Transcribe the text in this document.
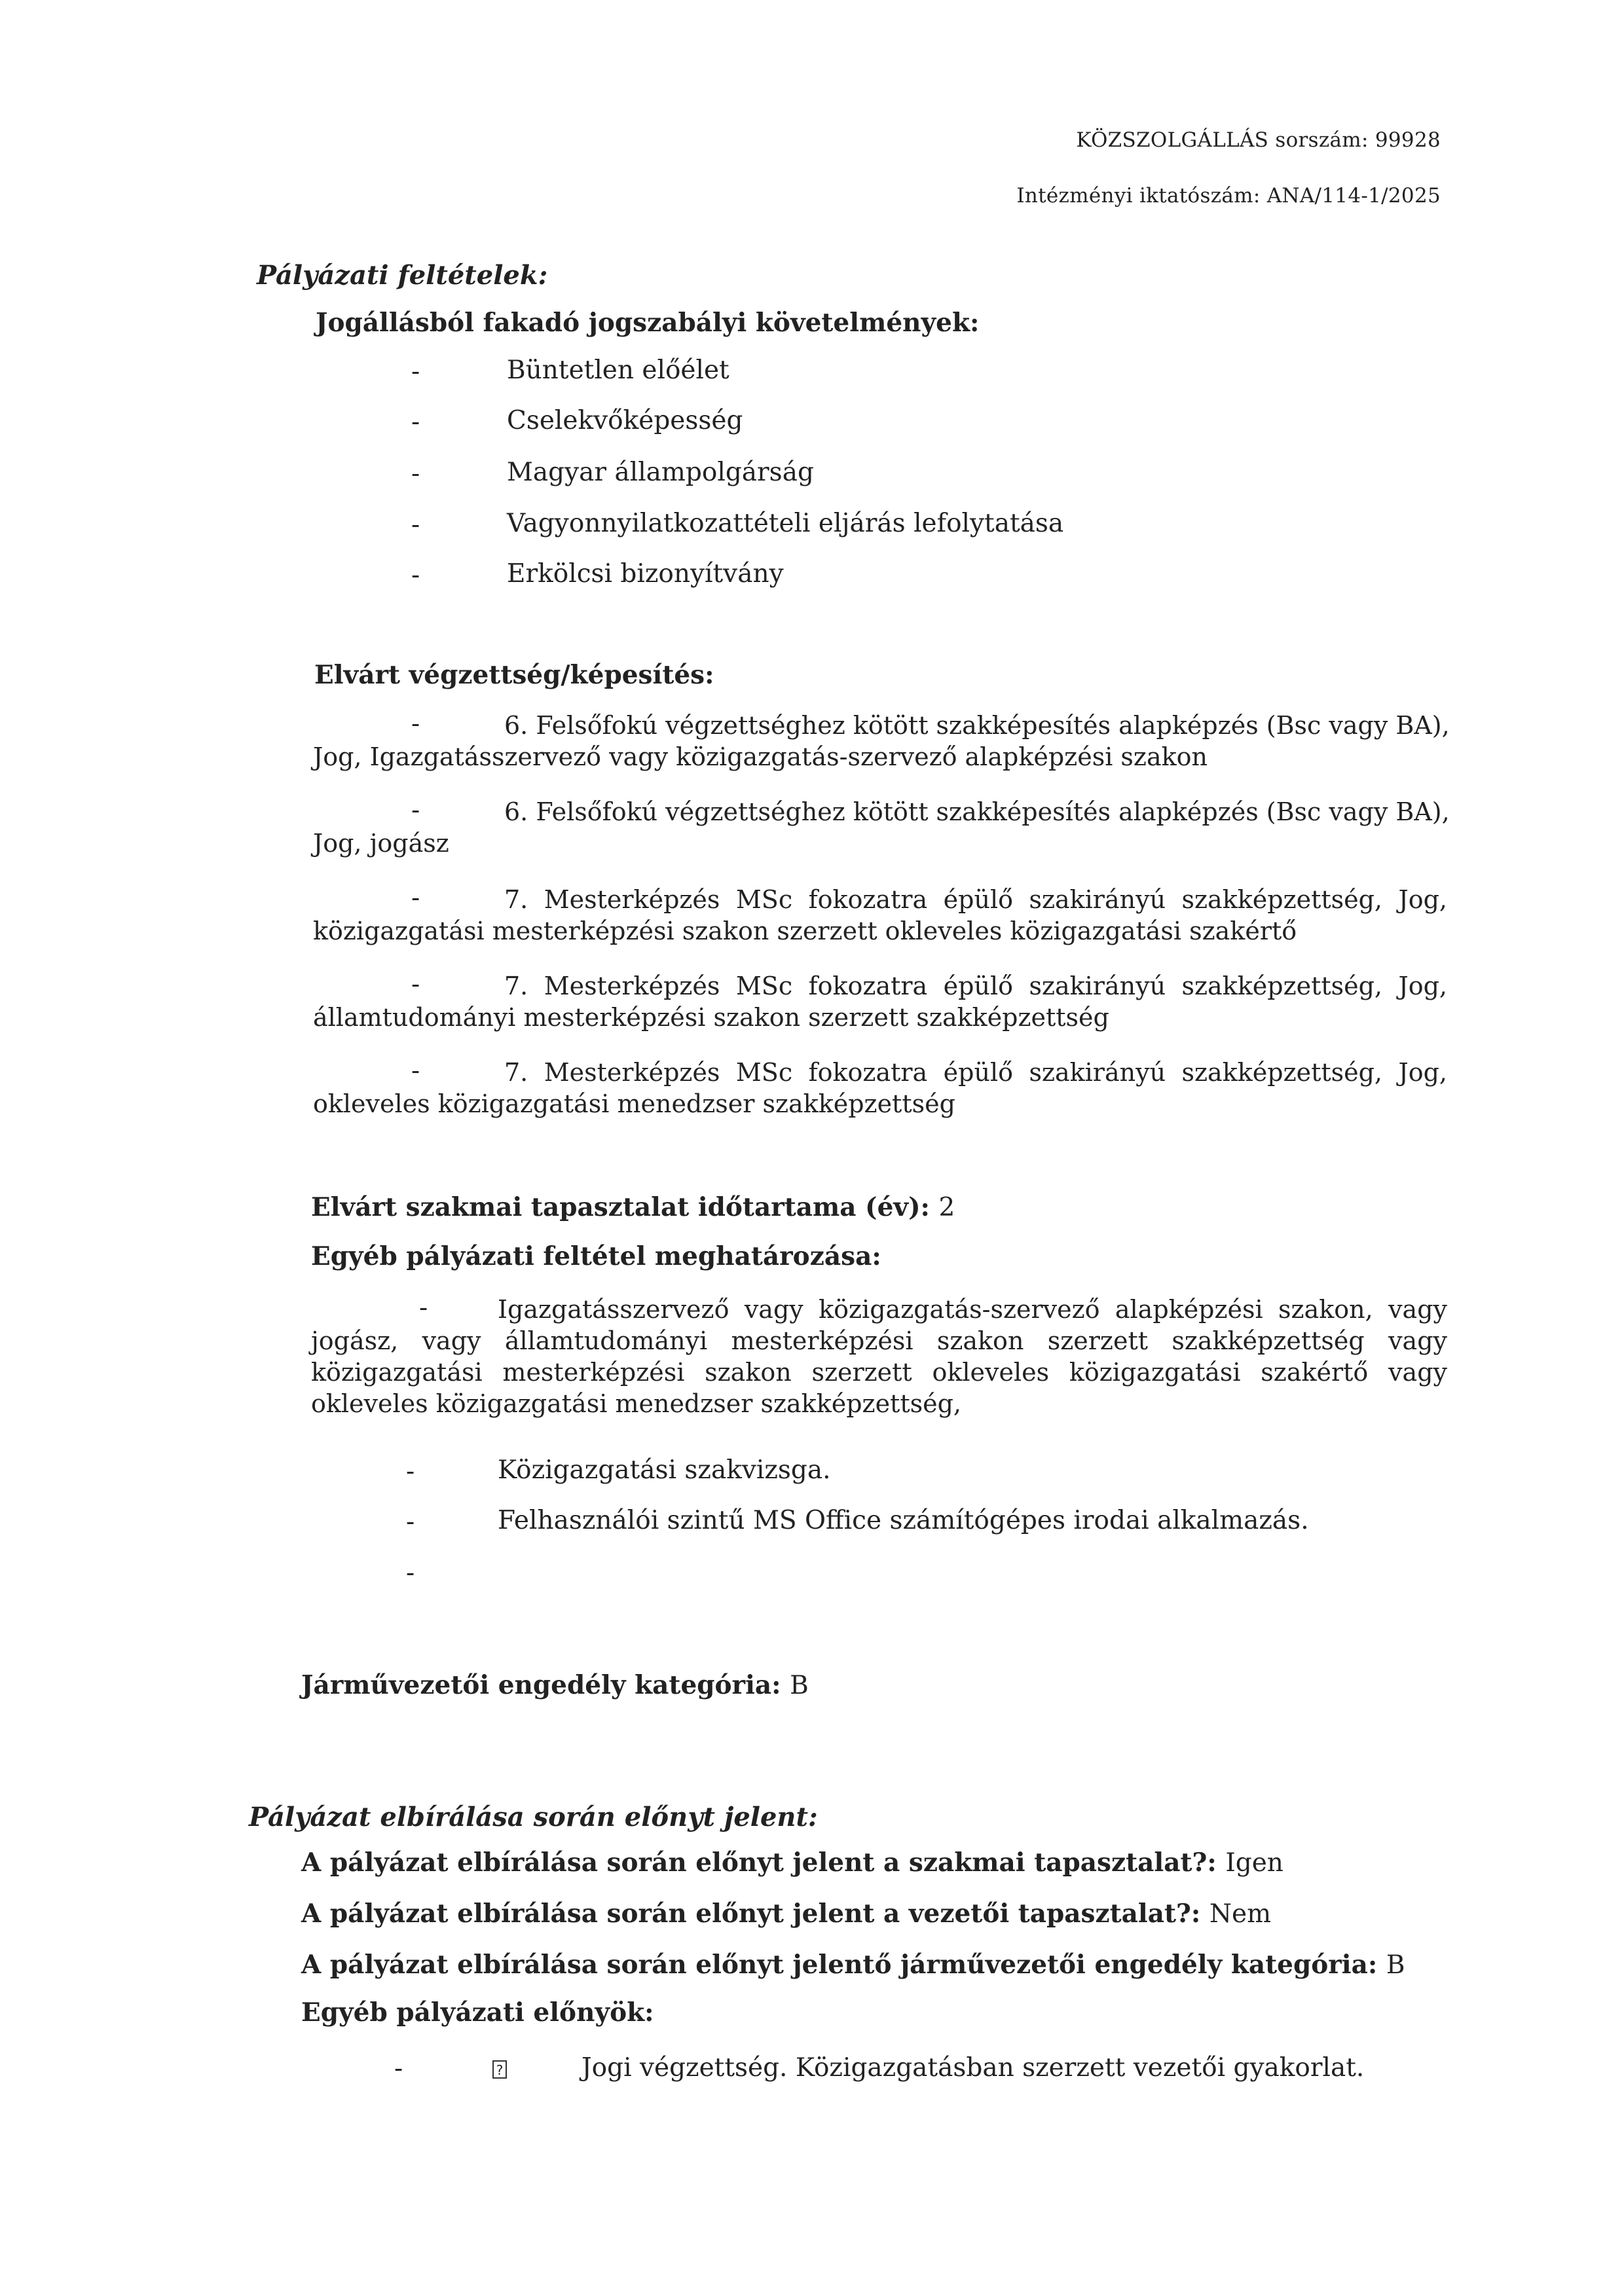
KÖZSZOLGÁLLÁS sorszám: 99928
Intézményi iktatószám: ANA/114-1/2025
Pályázati feltételek:
Jogállásból fakadó jogszabályi követelmények:
-	Büntetlen előélet
-	Cselekvőképesség
-	Magyar állampolgárság
-	Vagyonnyilatkozattételi eljárás lefolytatása
-	Erkölcsi bizonyítvány
Elvárt végzettség/képesítés:
-	6. Felsőfokú végzettséghez kötött szakképesítés alapképzés (Bsc vagy BA),
Jog, Igazgatásszervező vagy közigazgatás-szervező alapképzési szakon
-	6. Felsőfokú végzettséghez kötött szakképesítés alapképzés (Bsc vagy BA),
Jog, jogász
-	7. Mesterképzés MSc fokozatra épülő szakirányú szakképzettség, Jog,
közigazgatási mesterképzési szakon szerzett okleveles közigazgatási szakértő
-	7. Mesterképzés MSc fokozatra épülő szakirányú szakképzettség, Jog,
államtudományi mesterképzési szakon szerzett szakképzettség
-	7. Mesterképzés MSc fokozatra épülő szakirányú szakképzettség, Jog,
okleveles közigazgatási menedzser szakképzettség
Elvárt szakmai tapasztalat időtartama (év): 2
Egyéb pályázati feltétel meghatározása:
-	Igazgatásszervező vagy közigazgatás-szervező alapképzési szakon, vagy
jogász, vagy államtudományi mesterképzési szakon szerzett szakképzettség vagy
közigazgatási mesterképzési szakon szerzett okleveles közigazgatási szakértő vagy
okleveles közigazgatási menedzser szakképzettség,
-	Közigazgatási szakvizsga.
-	Felhasználói szintű MS Office számítógépes irodai alkalmazás.
-
Járművezetői engedély kategória: B
Pályázat elbírálása során előnyt jelent:
A pályázat elbírálása során előnyt jelent a szakmai tapasztalat?: Igen
A pályázat elbírálása során előnyt jelent a vezetői tapasztalat?: Nem
A pályázat elbírálása során előnyt jelentő járművezetői engedély kategória: B
Egyéb pályázati előnyök:
-	?	Jogi végzettség. Közigazgatásban szerzett vezetői gyakorlat.
